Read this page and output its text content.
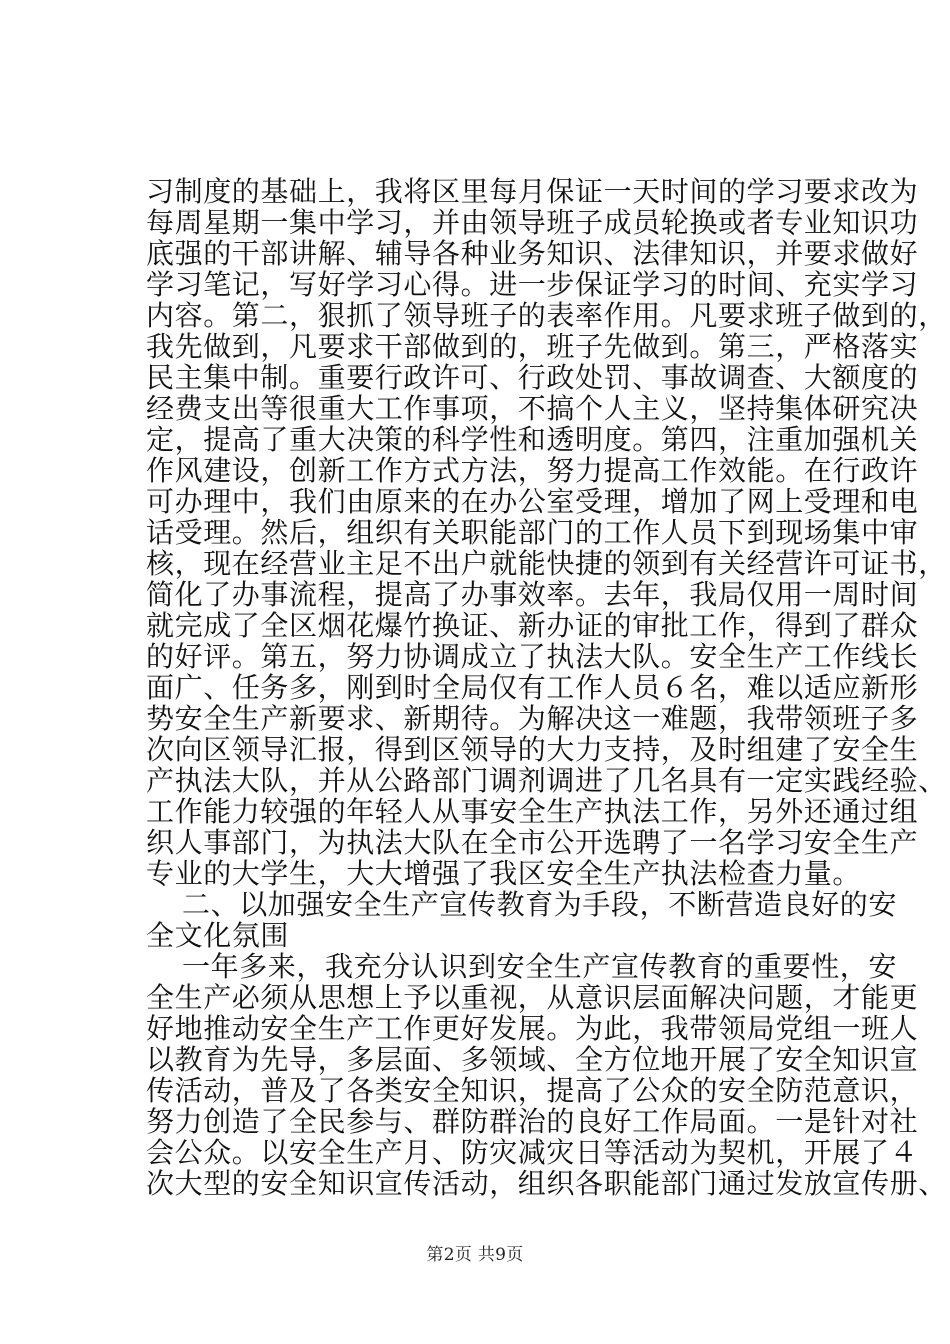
习制度的基础上，我将区里每月保证一天时间的学习要求改为
每周星期一集中学习，并由领导班子成员轮换或者专业知识功
底强的干部讲解、辅导各种业务知识、法律知识，并要求做好
学习笔记，写好学习心得。进一步保证学习的时间、充实学习
内容。第二，狠抓了领导班子的表率作用。凡要求班子做到的，
我先做到，凡要求干部做到的，班子先做到。第三，严格落实
民主集中制。重要行政许可、行政处罚、事故调查、大额度的
经费支出等很重大工作事项，不搞个人主义，坚持集体研究决
定，提高了重大决策的科学性和透明度。第四，注重加强机关
作风建设，创新工作方式方法，努力提高工作效能。在行政许
可办理中，我们由原来的在办公室受理，增加了网上受理和电
话受理。然后，组织有关职能部门的工作人员下到现场集中审
核，现在经营业主足不出户就能快捷的领到有关经营许可证书，
简化了办事流程，提高了办事效率。去年，我局仅用一周时间
就完成了全区烟花爆竹换证、新办证的审批工作，得到了群众
的好评。第五，努力协调成立了执法大队。安全生产工作线长
面广、任务多，刚到时全局仅有工作人员６名，难以适应新形
势安全生产新要求、新期待。为解决这一难题，我带领班子多
次向区领导汇报，得到区领导的大力支持，及时组建了安全生
产执法大队，并从公路部门调剂调进了几名具有一定实践经验、
工作能力较强的年轻人从事安全生产执法工作，另外还通过组
织人事部门，为执法大队在全市公开选聘了一名学习安全生产
专业的大学生，大大增强了我区安全生产执法检查力量。
二、以加强安全生产宣传教育为手段，不断营造良好的安
全文化氛围
一年多来，我充分认识到安全生产宣传教育的重要性，安
全生产必须从思想上予以重视，从意识层面解决问题，才能更
好地推动安全生产工作更好发展。为此，我带领局党组一班人
以教育为先导，多层面、多领域、全方位地开展了安全知识宣
传活动，普及了各类安全知识，提高了公众的安全防范意识，
努力创造了全民参与、群防群治的良好工作局面。一是针对社
会公众。以安全生产月、防灾减灾日等活动为契机，开展了４
次大型的安全知识宣传活动，组织各职能部门通过发放宣传册、
第2页 共9页
